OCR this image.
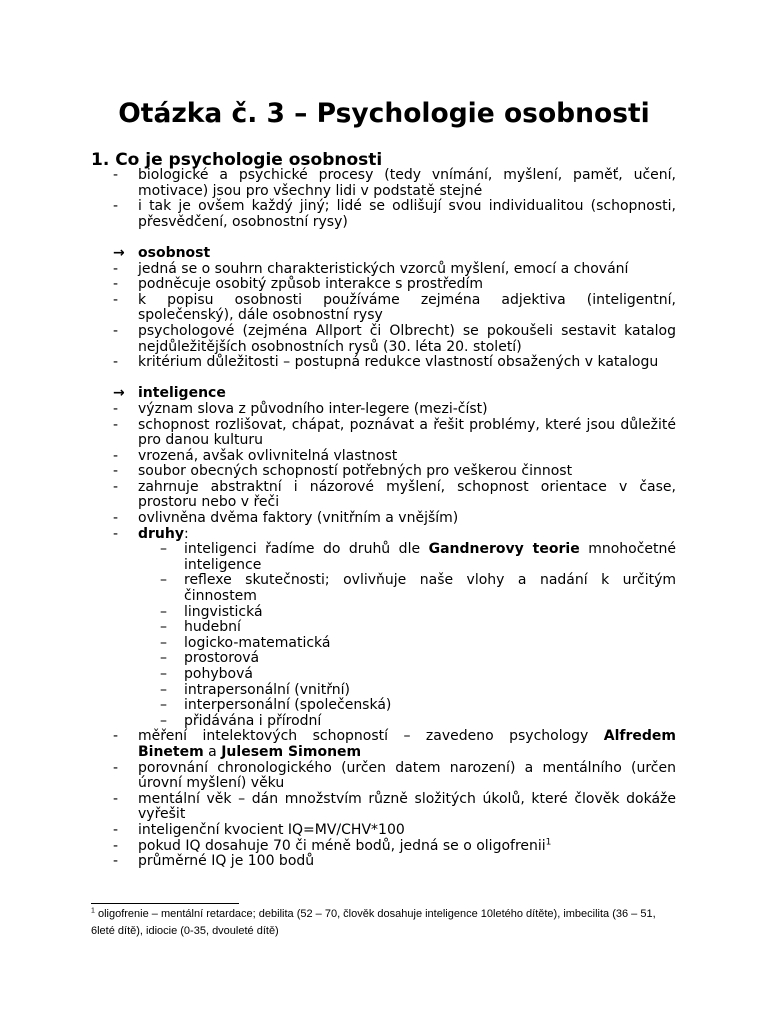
Otázka č. 3 – Psychologie osobnosti
1. Co je psychologie osobnosti
- biologické a psychické procesy (tedy vnímání, myšlení, paměť, učení, motivace) jsou pro všechny lidi v podstatě stejné
- i tak je ovšem každý jiný; lidé se odlišují svou individualitou (schopnosti, přesvědčení, osobnostní rysy)
→ osobnost
- jedná se o souhrn charakteristických vzorců myšlení, emocí a chování
- podněcuje osobitý způsob interakce s prostředím
- k popisu osobnosti používáme zejména adjektiva (inteligentní, společenský), dále osobnostní rysy
- psychologové (zejména Allport či Olbrecht) se pokoušeli sestavit katalog nejdůležitějších osobnostních rysů (30. léta 20. století)
- kritérium důležitosti – postupná redukce vlastností obsažených v katalogu
→ inteligence
- význam slova z původního inter-legere (mezi-číst)
- schopnost rozlišovat, chápat, poznávat a řešit problémy, které jsou důležité pro danou kulturu
- vrozená, avšak ovlivnitelná vlastnost
- soubor obecných schopností potřebných pro veškerou činnost
- zahrnuje abstraktní i názorové myšlení, schopnost orientace v čase, prostoru nebo v řeči
- ovlivněna dvěma faktory (vnitřním a vnějším)
- druhy:
– inteligenci řadíme do druhů dle Gandnerovy teorie mnohočetné inteligence
– reflexe skutečnosti; ovlivňuje naše vlohy a nadání k určitým činnostem
– lingvistická
– hudební
– logicko-matematická
– prostorová
– pohybová
– intrapersonální (vnitřní)
– interpersonální (společenská)
– přidávána i přírodní
- měření intelektových schopností – zavedeno psychology Alfredem Binetem a Julesem Simonem
- porovnání chronologického (určen datem narození) a mentálního (určen úrovní myšlení) věku
- mentální věk – dán množstvím různě složitých úkolů, které člověk dokáže vyřešit
- inteligenční kvocient IQ=MV/CHV*100
- pokud IQ dosahuje 70 či méně bodů, jedná se o oligofrenii$^1$
- průměrné IQ je 100 bodů
$^1$ oligofrenie – mentální retardace; debilita (52 – 70, člověk dosahuje inteligence 10letého dítěte), imbecilita (36 – 51, 6leté dítě), idiocie (0-35, dvouleté dítě)
